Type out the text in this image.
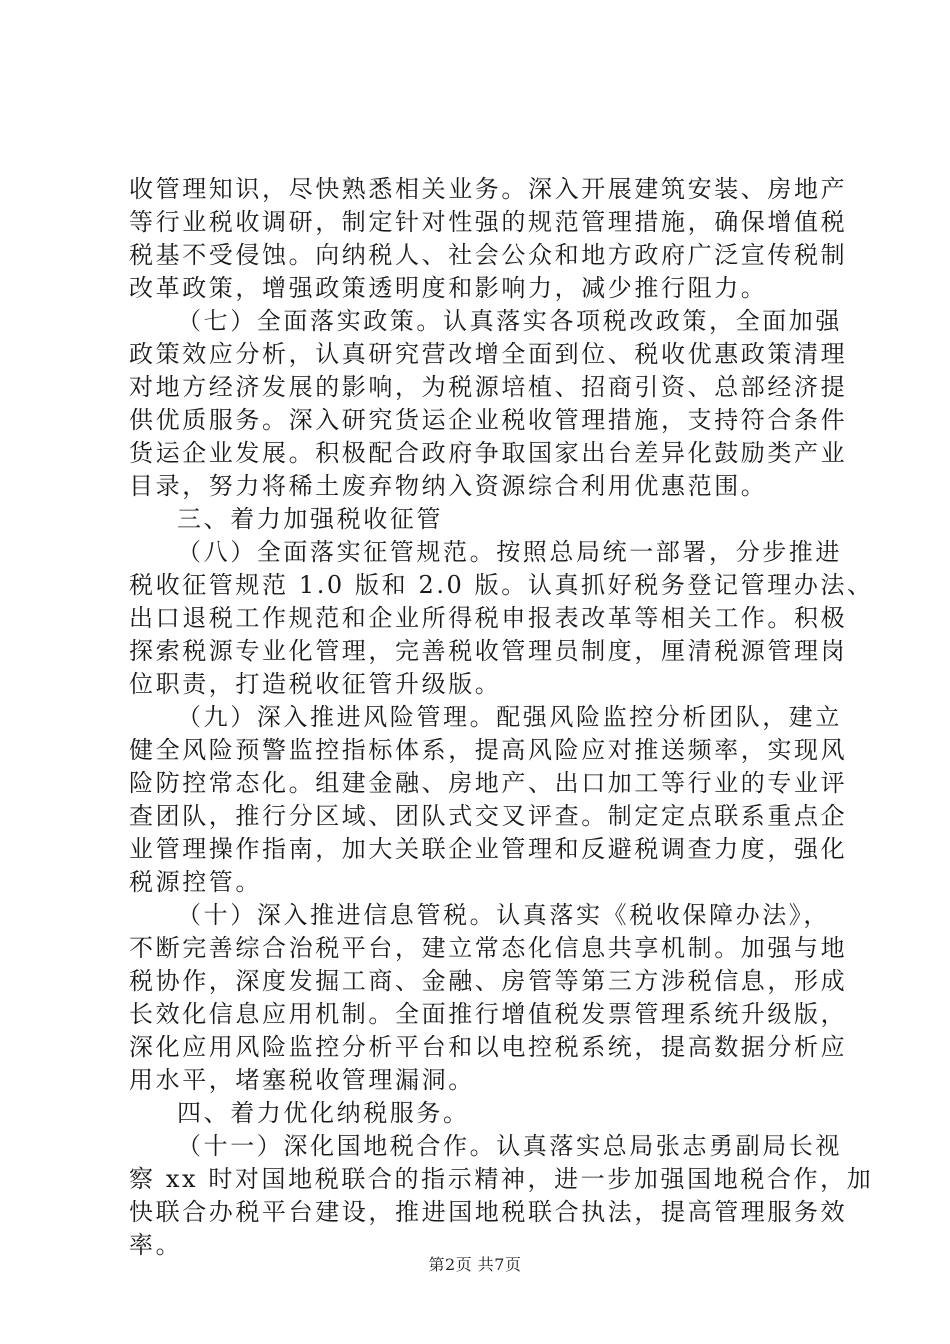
收管理知识，尽快熟悉相关业务。深入开展建筑安装、房地产
等行业税收调研，制定针对性强的规范管理措施，确保增值税
税基不受侵蚀。向纳税人、社会公众和地方政府广泛宣传税制
改革政策，增强政策透明度和影响力，减少推行阻力。
（七）全面落实政策。认真落实各项税改政策，全面加强
政策效应分析，认真研究营改增全面到位、税收优惠政策清理
对地方经济发展的影响，为税源培植、招商引资、总部经济提
供优质服务。深入研究货运企业税收管理措施，支持符合条件
货运企业发展。积极配合政府争取国家出台差异化鼓励类产业
目录，努力将稀土废弃物纳入资源综合利用优惠范围。
三、着力加强税收征管
（八）全面落实征管规范。按照总局统一部署，分步推进
税收征管规范 1.0 版和 2.0 版。认真抓好税务登记管理办法、
出口退税工作规范和企业所得税申报表改革等相关工作。积极
探索税源专业化管理，完善税收管理员制度，厘清税源管理岗
位职责，打造税收征管升级版。
（九）深入推进风险管理。配强风险监控分析团队，建立
健全风险预警监控指标体系，提高风险应对推送频率，实现风
险防控常态化。组建金融、房地产、出口加工等行业的专业评
查团队，推行分区域、团队式交叉评查。制定定点联系重点企
业管理操作指南，加大关联企业管理和反避税调查力度，强化
税源控管。
（十）深入推进信息管税。认真落实《税收保障办法》，
不断完善综合治税平台，建立常态化信息共享机制。加强与地
税协作，深度发掘工商、金融、房管等第三方涉税信息，形成
长效化信息应用机制。全面推行增值税发票管理系统升级版，
深化应用风险监控分析平台和以电控税系统，提高数据分析应
用水平，堵塞税收管理漏洞。
四、着力优化纳税服务。
（十一）深化国地税合作。认真落实总局张志勇副局长视
察 xx 时对国地税联合的指示精神，进一步加强国地税合作，加
快联合办税平台建设，推进国地税联合执法，提高管理服务效
率。
第2页 共7页
